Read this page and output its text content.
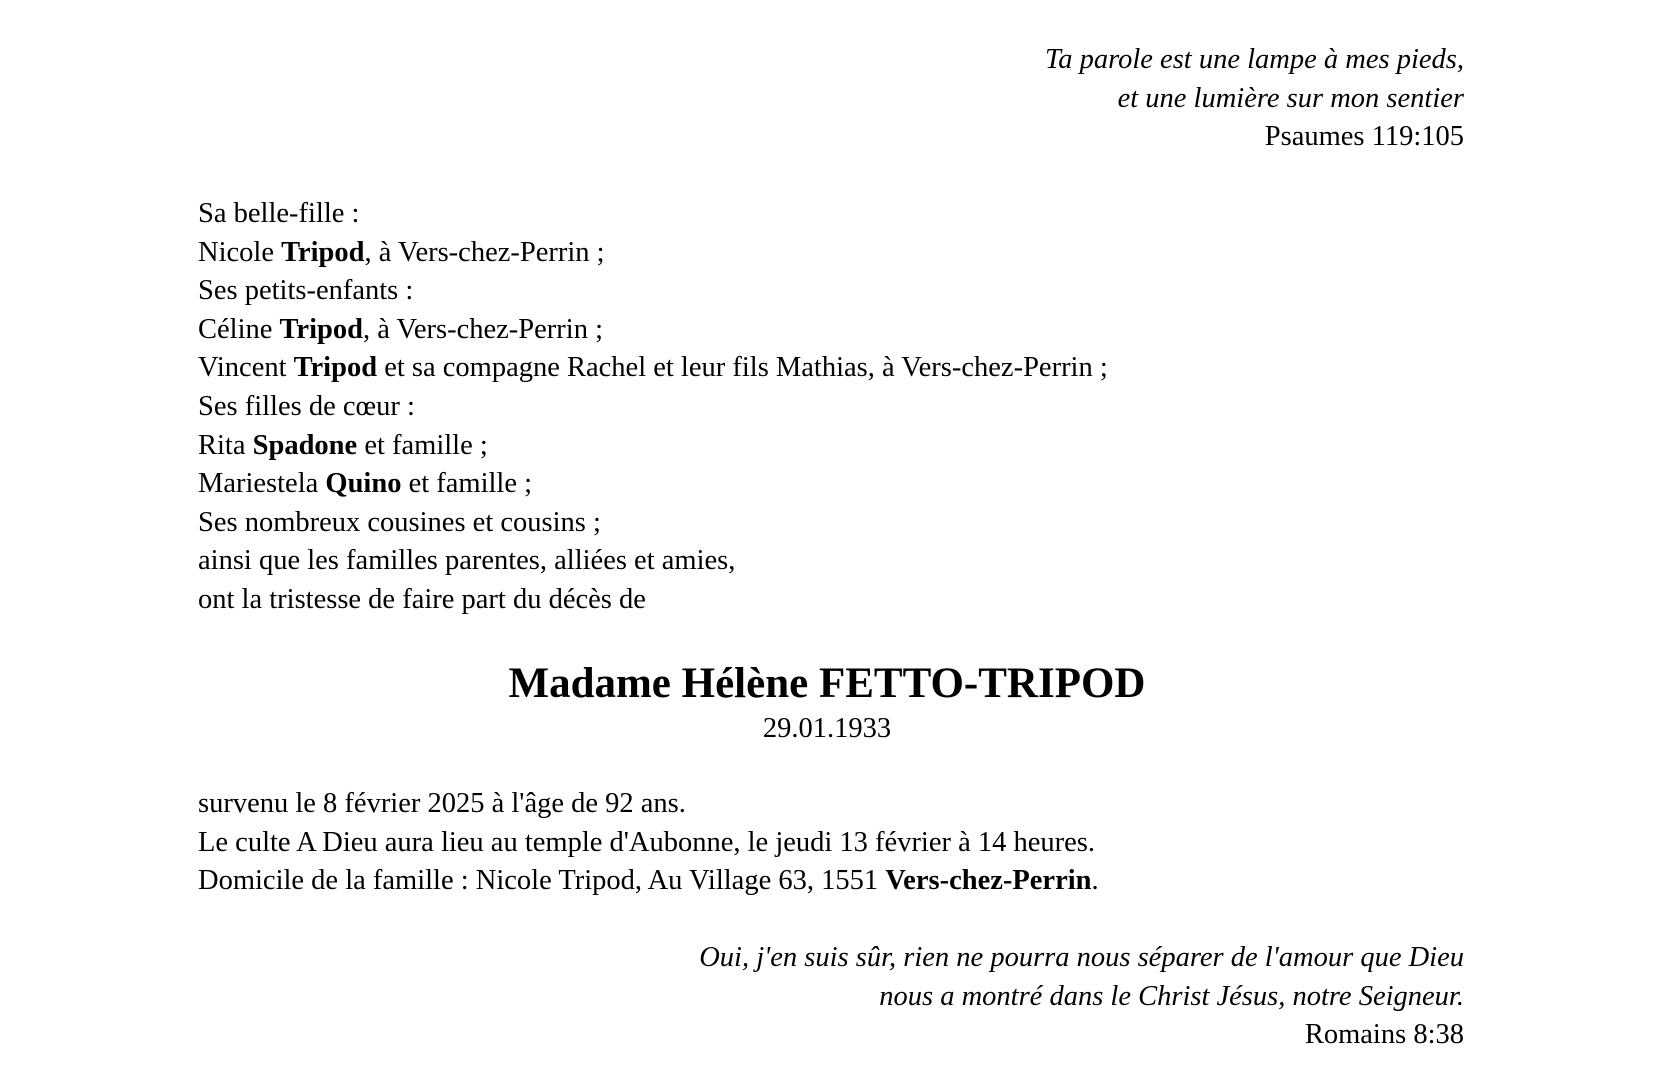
Ta parole est une lampe à mes pieds,
et une lumière sur mon sentier
Psaumes 119:105
Sa belle-fille :
Nicole Tripod, à Vers-chez-Perrin ;
Ses petits-enfants :
Céline Tripod, à Vers-chez-Perrin ;
Vincent Tripod et sa compagne Rachel et leur fils Mathias, à Vers-chez-Perrin ;
Ses filles de cœur :
Rita Spadone et famille ;
Mariestela Quino et famille ;
Ses nombreux cousines et cousins ;
ainsi que les familles parentes, alliées et amies,
ont la tristesse de faire part du décès de
Madame Hélène FETTO-TRIPOD
29.01.1933
survenu le 8 février 2025 à l'âge de 92 ans.
Le culte A Dieu aura lieu au temple d'Aubonne, le jeudi 13 février à 14 heures.
Domicile de la famille : Nicole Tripod, Au Village 63, 1551 Vers-chez-Perrin.
Oui, j'en suis sûr, rien ne pourra nous séparer de l'amour que Dieu
nous a montré dans le Christ Jésus, notre Seigneur.
Romains 8:38
